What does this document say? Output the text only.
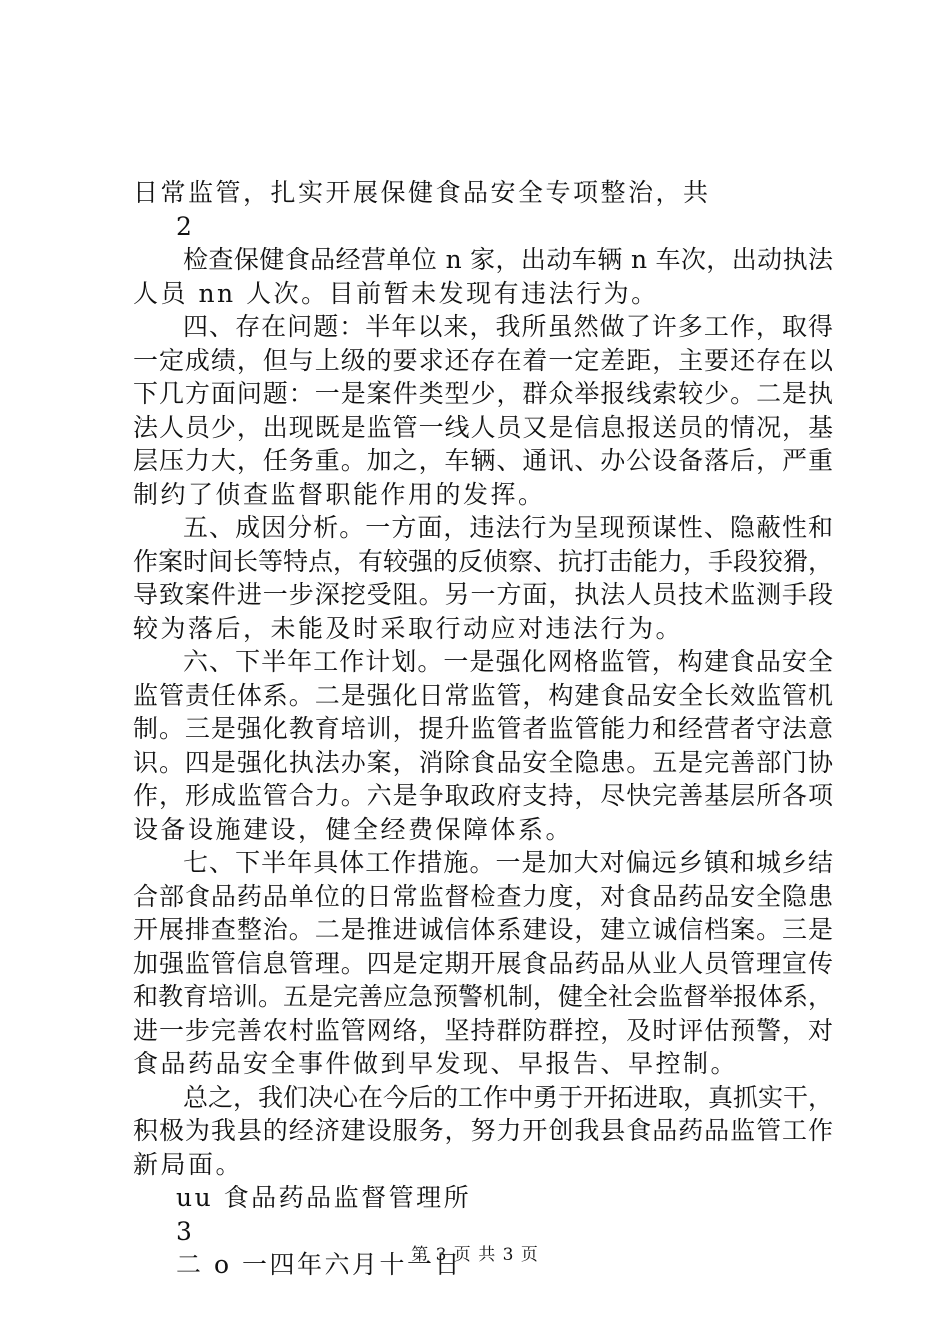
日常监管，扎实开展保健食品安全专项整治，共
2
检查保健食品经营单位 n 家，出动车辆 n 车次，出动执法
人员 nn 人次。目前暂未发现有违法行为。
四、存在问题：半年以来，我所虽然做了许多工作，取得
一定成绩，但与上级的要求还存在着一定差距，主要还存在以
下几方面问题：一是案件类型少，群众举报线索较少。二是执
法人员少，出现既是监管一线人员又是信息报送员的情况，基
层压力大，任务重。加之，车辆、通讯、办公设备落后，严重
制约了侦查监督职能作用的发挥。
五、成因分析。一方面，违法行为呈现预谋性、隐蔽性和
作案时间长等特点，有较强的反侦察、抗打击能力，手段狡猾，
导致案件进一步深挖受阻。另一方面，执法人员技术监测手段
较为落后，未能及时采取行动应对违法行为。
六、下半年工作计划。一是强化网格监管，构建食品安全
监管责任体系。二是强化日常监管，构建食品安全长效监管机
制。三是强化教育培训，提升监管者监管能力和经营者守法意
识。四是强化执法办案，消除食品安全隐患。五是完善部门协
作，形成监管合力。六是争取政府支持，尽快完善基层所各项
设备设施建设，健全经费保障体系。
七、下半年具体工作措施。一是加大对偏远乡镇和城乡结
合部食品药品单位的日常监督检查力度，对食品药品安全隐患
开展排查整治。二是推进诚信体系建设，建立诚信档案。三是
加强监管信息管理。四是定期开展食品药品从业人员管理宣传
和教育培训。五是完善应急预警机制，健全社会监督举报体系，
进一步完善农村监管网络，坚持群防群控，及时评估预警，对
食品药品安全事件做到早发现、早报告、早控制。
总之，我们决心在今后的工作中勇于开拓进取，真抓实干，
积极为我县的经济建设服务，努力开创我县食品药品监管工作
新局面。
uu 食品药品监督管理所
3
二 o 一四年六月十一日
第 3 页 共 3 页
